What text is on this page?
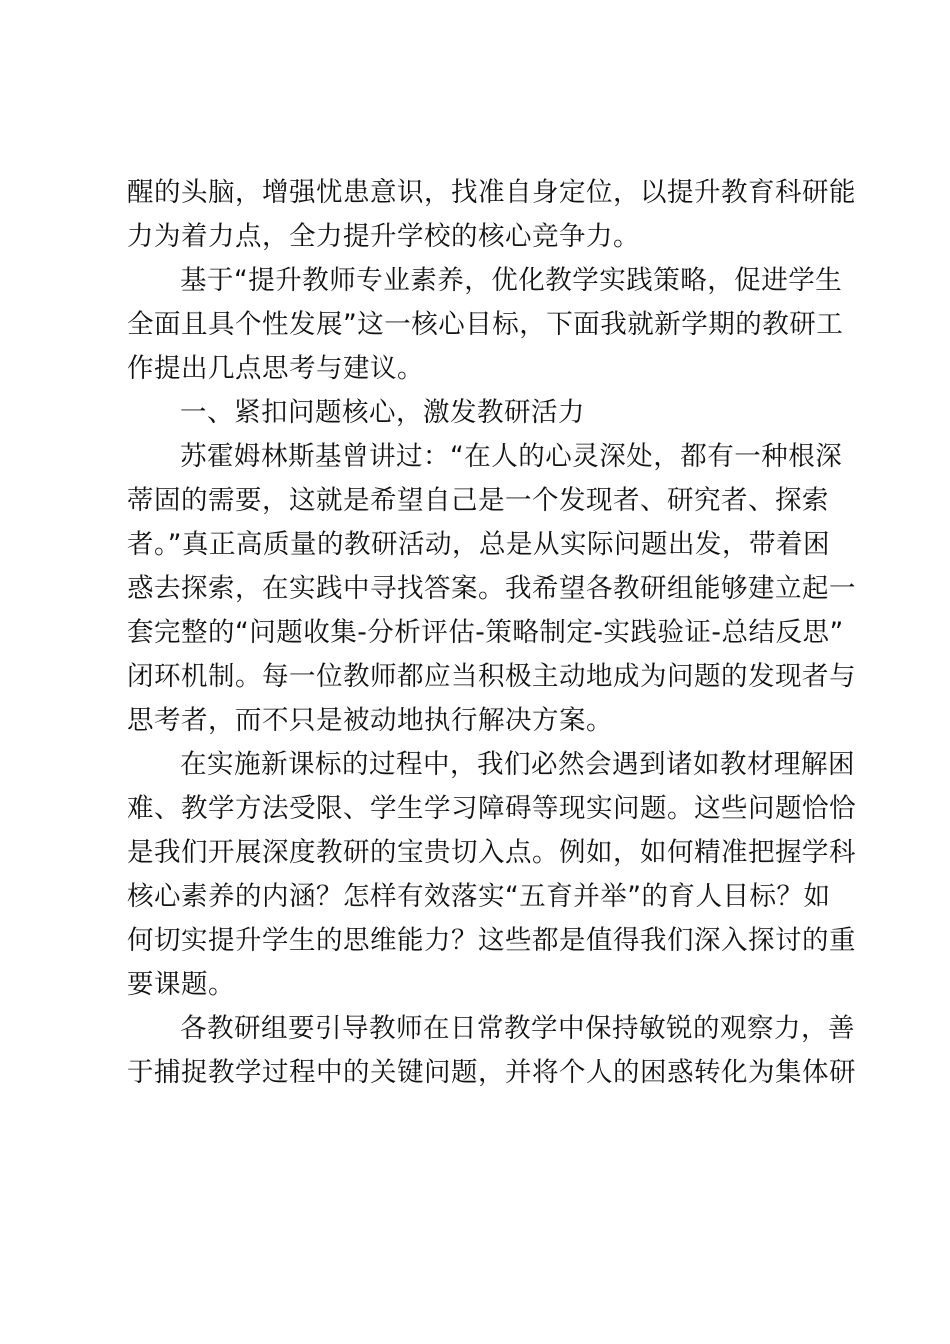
醒的头脑，增强忧患意识，找准自身定位，以提升教育科研能
力为着力点，全力提升学校的核心竞争力。

基于“提升教师专业素养，优化教学实践策略，促进学生
全面且具个性发展”这一核心目标，下面我就新学期的教研工
作提出几点思考与建议。

一、紧扣问题核心，激发教研活力

苏霍姆林斯基曾讲过：“在人的心灵深处，都有一种根深
蒂固的需要，这就是希望自己是一个发现者、研究者、探索
者。”真正高质量的教研活动，总是从实际问题出发，带着困
惑去探索，在实践中寻找答案。我希望各教研组能够建立起一
套完整的“问题收集-分析评估-策略制定-实践验证-总结反思”
闭环机制。每一位教师都应当积极主动地成为问题的发现者与
思考者，而不只是被动地执行解决方案。

在实施新课标的过程中，我们必然会遇到诸如教材理解困
难、教学方法受限、学生学习障碍等现实问题。这些问题恰恰
是我们开展深度教研的宝贵切入点。例如，如何精准把握学科
核心素养的内涵？怎样有效落实“五育并举”的育人目标？如
何切实提升学生的思维能力？这些都是值得我们深入探讨的重
要课题。

各教研组要引导教师在日常教学中保持敏锐的观察力，善
于捕捉教学过程中的关键问题，并将个人的困惑转化为集体研
